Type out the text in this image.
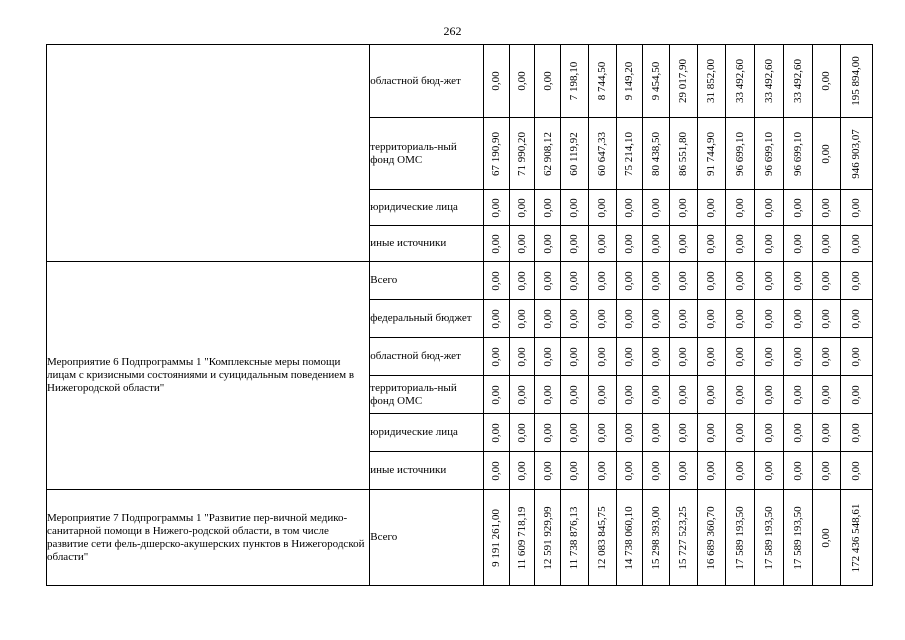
262
	областной бюд-жет	0,00	0,00	0,00	7 198,10	8 744,50	9 149,20	9 454,50	29 017,90	31 852,00	33 492,60	33 492,60	33 492,60	0,00	195 894,00

	территориаль-ный фонд ОМС	67 190,90	71 990,20	62 908,12	60 119,92	60 647,33	75 214,10	80 438,50	86 551,80	91 744,90	96 699,10	96 699,10	96 699,10	0,00	946 903,07

	юридические лица	0,00	0,00	0,00	0,00	0,00	0,00	0,00	0,00	0,00	0,00	0,00	0,00	0,00	0,00

	иные источники	0,00	0,00	0,00	0,00	0,00	0,00	0,00	0,00	0,00	0,00	0,00	0,00	0,00	0,00

Мероприятие 6 Подпрограммы 1 "Комплексные меры помощи лицам с кризисными состояниями и суицидальным поведением в Нижегородской области"	Всего	0,00	0,00	0,00	0,00	0,00	0,00	0,00	0,00	0,00	0,00	0,00	0,00	0,00	0,00

	федеральный бюджет	0,00	0,00	0,00	0,00	0,00	0,00	0,00	0,00	0,00	0,00	0,00	0,00	0,00	0,00

	областной бюд-жет	0,00	0,00	0,00	0,00	0,00	0,00	0,00	0,00	0,00	0,00	0,00	0,00	0,00	0,00

	территориаль-ный фонд ОМС	0,00	0,00	0,00	0,00	0,00	0,00	0,00	0,00	0,00	0,00	0,00	0,00	0,00	0,00

	юридические лица	0,00	0,00	0,00	0,00	0,00	0,00	0,00	0,00	0,00	0,00	0,00	0,00	0,00	0,00

	иные источники	0,00	0,00	0,00	0,00	0,00	0,00	0,00	0,00	0,00	0,00	0,00	0,00	0,00	0,00

Мероприятие 7 Подпрограммы 1 "Развитие пер-вичной медико-санитарной помощи в Нижего-родской области, в том числе развитие сети фель-дшерско-акушерских пунктов в Нижегородской области"	Всего	9 191 261,00	11 609 718,19	12 591 929,99	11 738 876,13	12 083 845,75	14 738 060,10	15 298 393,00	15 727 523,25	16 689 360,70	17 589 193,50	17 589 193,50	17 589 193,50	0,00	172 436 548,61
